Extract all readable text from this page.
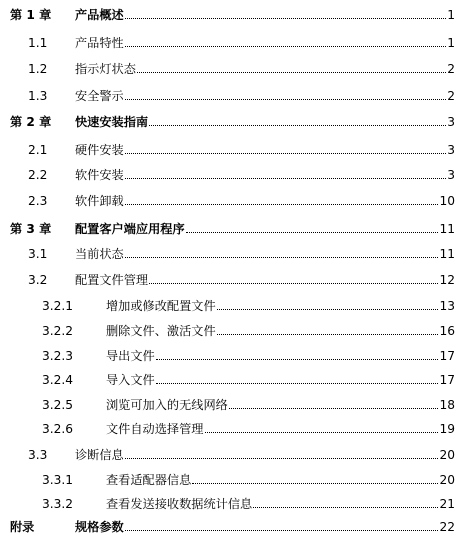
第 1 章 产品概述	1
1.1 产品特性	1
1.2 指示灯状态	2
1.3 安全警示	2
第 2 章 快速安装指南	3
2.1 硬件安装	3
2.2 软件安装	3
2.3 软件卸载	10
第 3 章 配置客户端应用程序	11
3.1 当前状态	11
3.2 配置文件管理	12
3.2.1	增加或修改配置文件	13
3.2.2	删除文件、激活文件	16
3.2.3	导出文件	17
3.2.4	导入文件	17
3.2.5	浏览可加入的无线网络	18
3.2.6	文件自动选择管理	19
3.3 诊断信息	20
3.3.1	查看适配器信息	20
3.3.2	查看发送接收数据统计信息	21
附录	规格参数	22
